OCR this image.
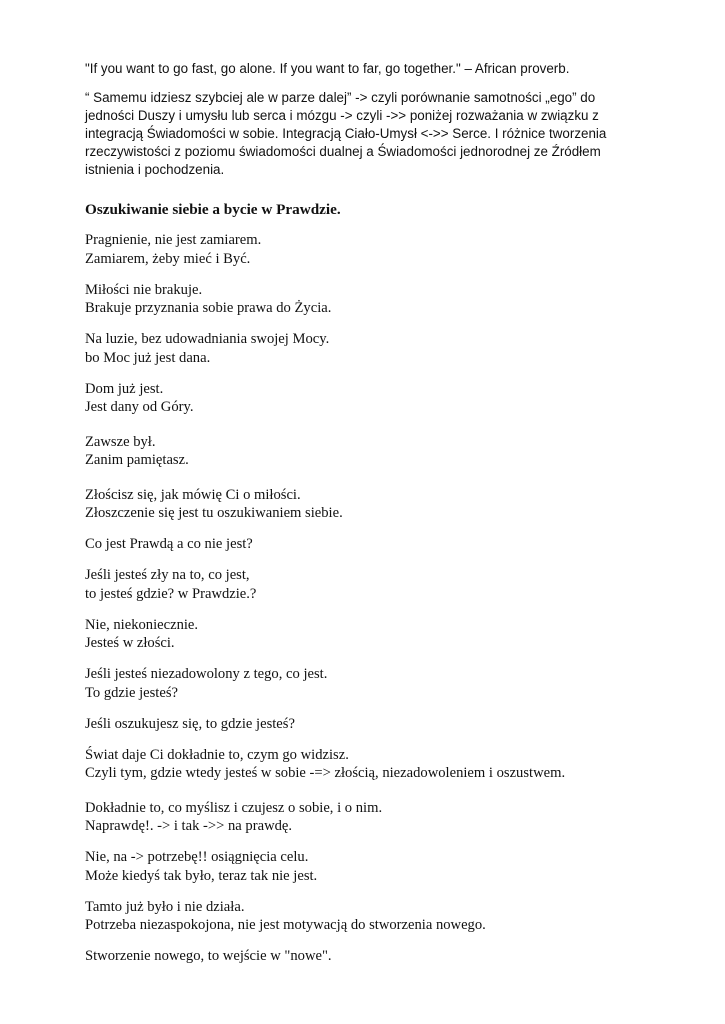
"If you want to go fast, go alone. If you want to far, go together." – African proverb.

“ Samemu idziesz szybciej ale w parze dalej” -> czyli porównanie samotności „ego” do jedności Duszy i umysłu lub serca i mózgu -> czyli ->> poniżej rozważania w związku z integracją Świadomości w sobie. Integracją Ciało-Umysł <->> Serce. I różnice tworzenia rzeczywistości z poziomu świadomości dualnej a Świadomości jednorodnej ze Źródłem istnienia i pochodzenia.

Oszukiwanie siebie a bycie w Prawdzie.
Pragnienie, nie jest zamiarem.
Zamiarem, żeby mieć i Być.
Miłości nie brakuje.
Brakuje przyznania sobie prawa do Życia.
Na luzie, bez udowadniania swojej Mocy.
bo Moc już jest dana.
Dom już jest.
Jest dany od Góry.
Zawsze był.
Zanim pamiętasz.
Złościsz się, jak mówię Ci o miłości.
Złoszczenie się jest tu oszukiwaniem siebie.
Co jest Prawdą a co nie jest?
Jeśli jesteś zły na to, co jest,
to jesteś gdzie? w Prawdzie.?
Nie, niekoniecznie.
Jesteś w złości.
Jeśli jesteś niezadowolony z tego, co jest.
To gdzie jesteś?
Jeśli oszukujesz się, to gdzie jesteś?
Świat daje Ci dokładnie to, czym go widzisz.
Czyli tym, gdzie wtedy jesteś w sobie -=> złością, niezadowoleniem i oszustwem.
Dokładnie to, co myślisz i czujesz o sobie, i o nim.
Naprawdę!. -> i tak ->> na prawdę.
Nie, na -> potrzebę!! osiągnięcia celu.
Może kiedyś tak było, teraz tak nie jest.
Tamto już było i nie działa.
Potrzeba niezaspokojona, nie jest motywacją do stworzenia nowego.
Stworzenie nowego, to wejście w "nowe".
